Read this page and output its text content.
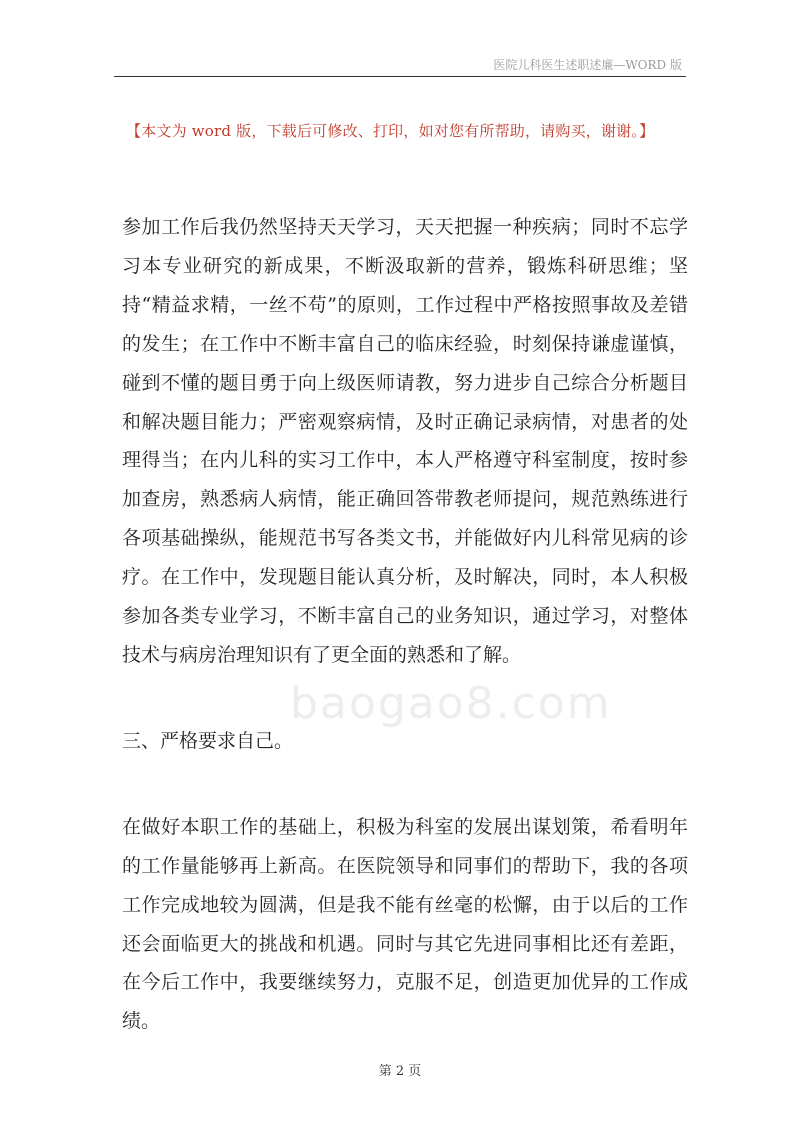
医院儿科医生述职述廉—WORD 版
【本文为 word 版，下载后可修改、打印，如对您有所帮助，请购买，谢谢。】
baogao8.com

参加工作后我仍然坚持天天学习，天天把握一种疾病；同时不忘学习本专业研究的新成果，不断汲取新的营养，锻炼科研思维；坚持“精益求精，一丝不苟”的原则，工作过程中严格按照事故及差错的发生；在工作中不断丰富自己的临床经验，时刻保持谦虚谨慎，碰到不懂的题目勇于向上级医师请教，努力进步自己综合分析题目和解决题目能力；严密观察病情，及时正确记录病情，对患者的处理得当；在内儿科的实习工作中，本人严格遵守科室制度，按时参加查房，熟悉病人病情，能正确回答带教老师提问，规范熟练进行各项基础操纵，能规范书写各类文书，并能做好内儿科常见病的诊疗。在工作中，发现题目能认真分析，及时解决，同时，本人积极参加各类专业学习，不断丰富自己的业务知识，通过学习，对整体技术与病房治理知识有了更全面的熟悉和了解。

三、严格要求自己。

在做好本职工作的基础上，积极为科室的发展出谋划策，希看明年的工作量能够再上新高。在医院领导和同事们的帮助下，我的各项工作完成地较为圆满，但是我不能有丝毫的松懈，由于以后的工作还会面临更大的挑战和机遇。同时与其它先进同事相比还有差距，在今后工作中，我要继续努力，克服不足，创造更加优异的工作成绩。

第 2 页
